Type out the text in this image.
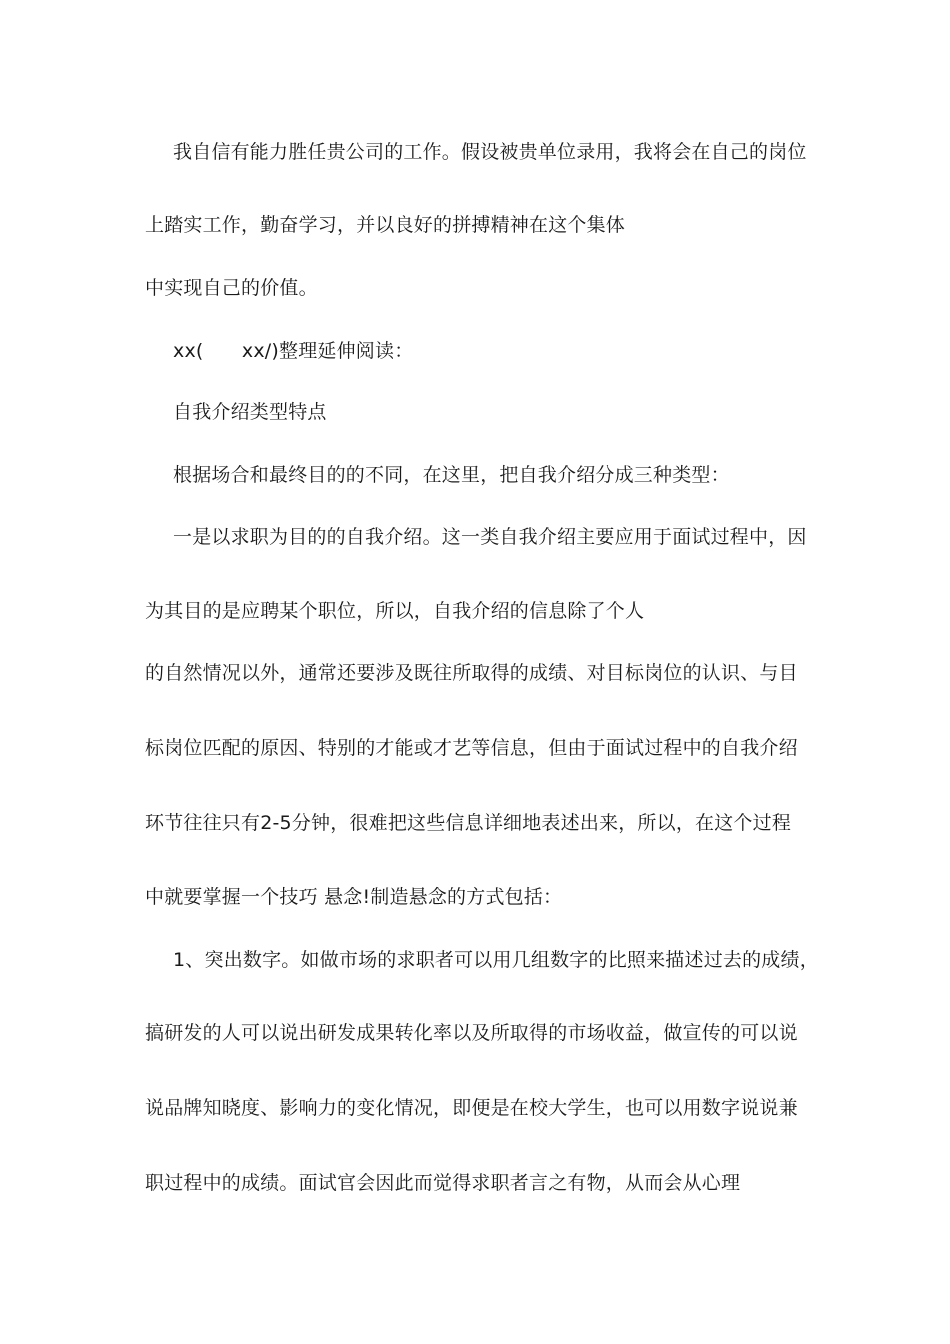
我自信有能力胜任贵公司的工作。假设被贵单位录用，我将会在自己的岗位
上踏实工作，勤奋学习，并以良好的拼搏精神在这个集体
中实现自己的价值。
xx(　　xx/)整理延伸阅读：
自我介绍类型特点
根据场合和最终目的的不同，在这里，把自我介绍分成三种类型：
一是以求职为目的的自我介绍。这一类自我介绍主要应用于面试过程中，因
为其目的是应聘某个职位，所以，自我介绍的信息除了个人
的自然情况以外，通常还要涉及既往所取得的成绩、对目标岗位的认识、与目
标岗位匹配的原因、特别的才能或才艺等信息，但由于面试过程中的自我介绍
环节往往只有2-5分钟，很难把这些信息详细地表述出来，所以，在这个过程
中就要掌握一个技巧 悬念!制造悬念的方式包括：
1、突出数字。如做市场的求职者可以用几组数字的比照来描述过去的成绩，
搞研发的人可以说出研发成果转化率以及所取得的市场收益，做宣传的可以说
说品牌知晓度、影响力的变化情况，即便是在校大学生，也可以用数字说说兼
职过程中的成绩。面试官会因此而觉得求职者言之有物，从而会从心理
